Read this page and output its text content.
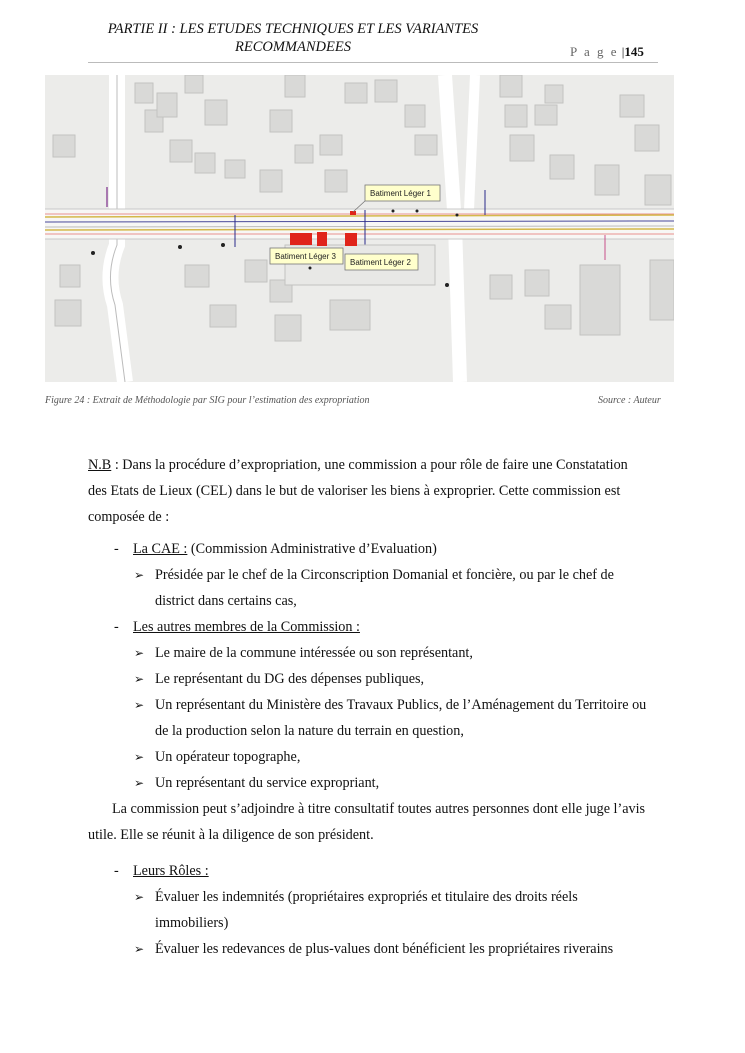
PARTIE II : LES ETUDES TECHNIQUES ET LES VARIANTES
RECOMMANDEES	P a g e |145
Batiment Léger 1
Batiment Léger 3
Batiment Léger 2
Figure 24 : Extrait de Méthodologie par SIG pour l’estimation des expropriation	Source : Auteur

N.B : Dans la procédure d’expropriation, une commission a pour rôle de faire une Constatation des Etats de Lieux (CEL) dans le but de valoriser les biens à exproprier. Cette commission est composée de :

- La CAE : (Commission Administrative d’Evaluation)
➢ Présidée par le chef de la Circonscription Domanial et foncière, ou par le chef de district dans certains cas,
- Les autres membres de la Commission :
➢ Le maire de la commune intéressée ou son représentant,
➢ Le représentant du DG des dépenses publiques,
➢ Un représentant du Ministère des Travaux Publics, de l’Aménagement du Territoire ou de la production selon la nature du terrain en question,
➢ Un opérateur topographe,
➢ Un représentant du service expropriant,

La commission peut s’adjoindre à titre consultatif toutes autres personnes dont elle juge l’avis utile. Elle se réunit à la diligence de son président.

- Leurs Rôles :
➢ Évaluer les indemnités (propriétaires expropriés et titulaire des droits réels immobiliers)
➢ Évaluer les redevances de plus-values dont bénéficient les propriétaires riverains
